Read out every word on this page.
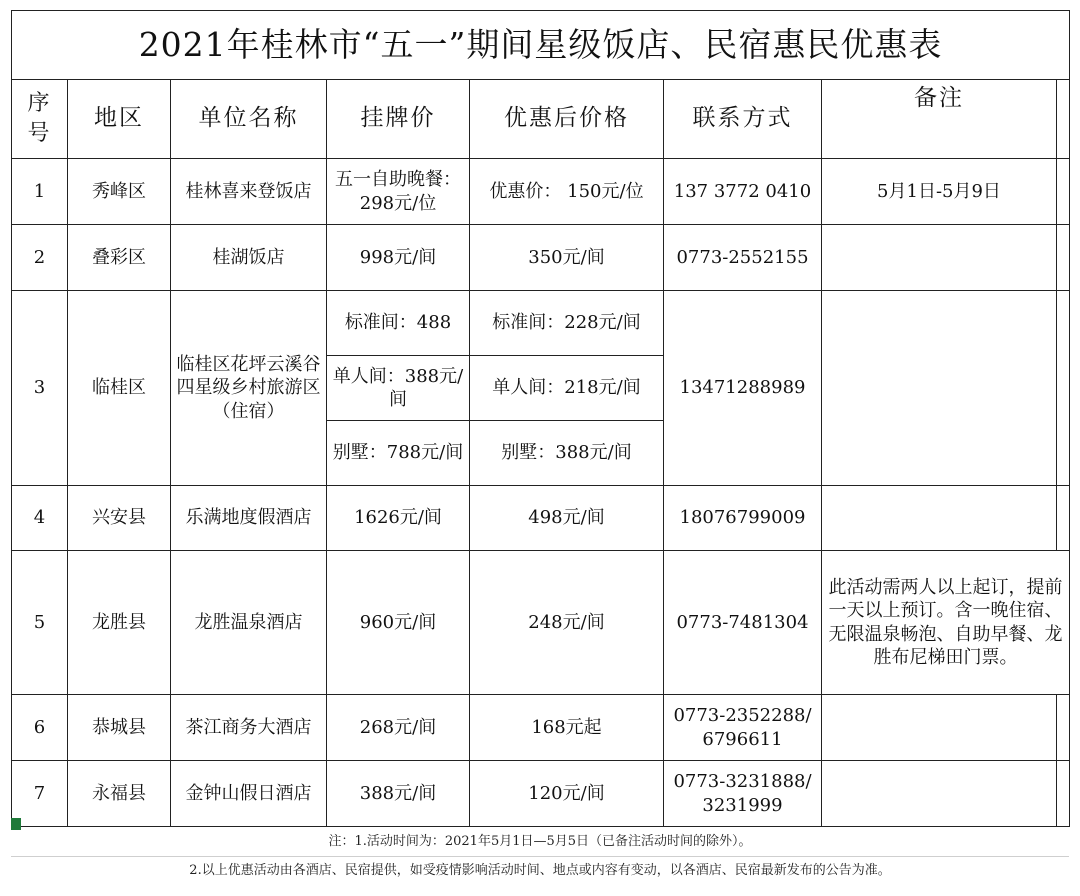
2021年桂林市“五一”期间星级饭店、民宿惠民优惠表							
序号	地区	单位名称	挂牌价	优惠后价格	联系方式	备注	
1	秀峰区	桂林喜来登饭店	五一自助晚餐：298元/位	优惠价： 150元/位	137 3772 0410	5月1日-5月9日	
2	叠彩区	桂湖饭店	998元/间	350元/间	0773-2552155		
3	临桂区	临桂区花坪云溪谷四星级乡村旅游区（住宿）	标准间：488	标准间：228元/间	13471288989		
			单人间：388元/间	单人间：218元/间			
			别墅：788元/间	别墅：388元/间			
4	兴安县	乐满地度假酒店	1626元/间	498元/间	18076799009		
5	龙胜县	龙胜温泉酒店	960元/间	248元/间	0773-7481304	此活动需两人以上起订，提前一天以上预订。含一晚住宿、无限温泉畅泡、自助早餐、龙胜布尼梯田门票。	
6	恭城县	茶江商务大酒店	268元/间	168元起	0773-2352288/6796611		
7	永福县	金钟山假日酒店	388元/间	120元/间	0773-3231888/3231999		
注：1.活动时间为：2021年5月1日—5月5日（已备注活动时间的除外）。
2.以上优惠活动由各酒店、民宿提供，如受疫情影响活动时间、地点或内容有变动，以各酒店、民宿最新发布的公告为准。
